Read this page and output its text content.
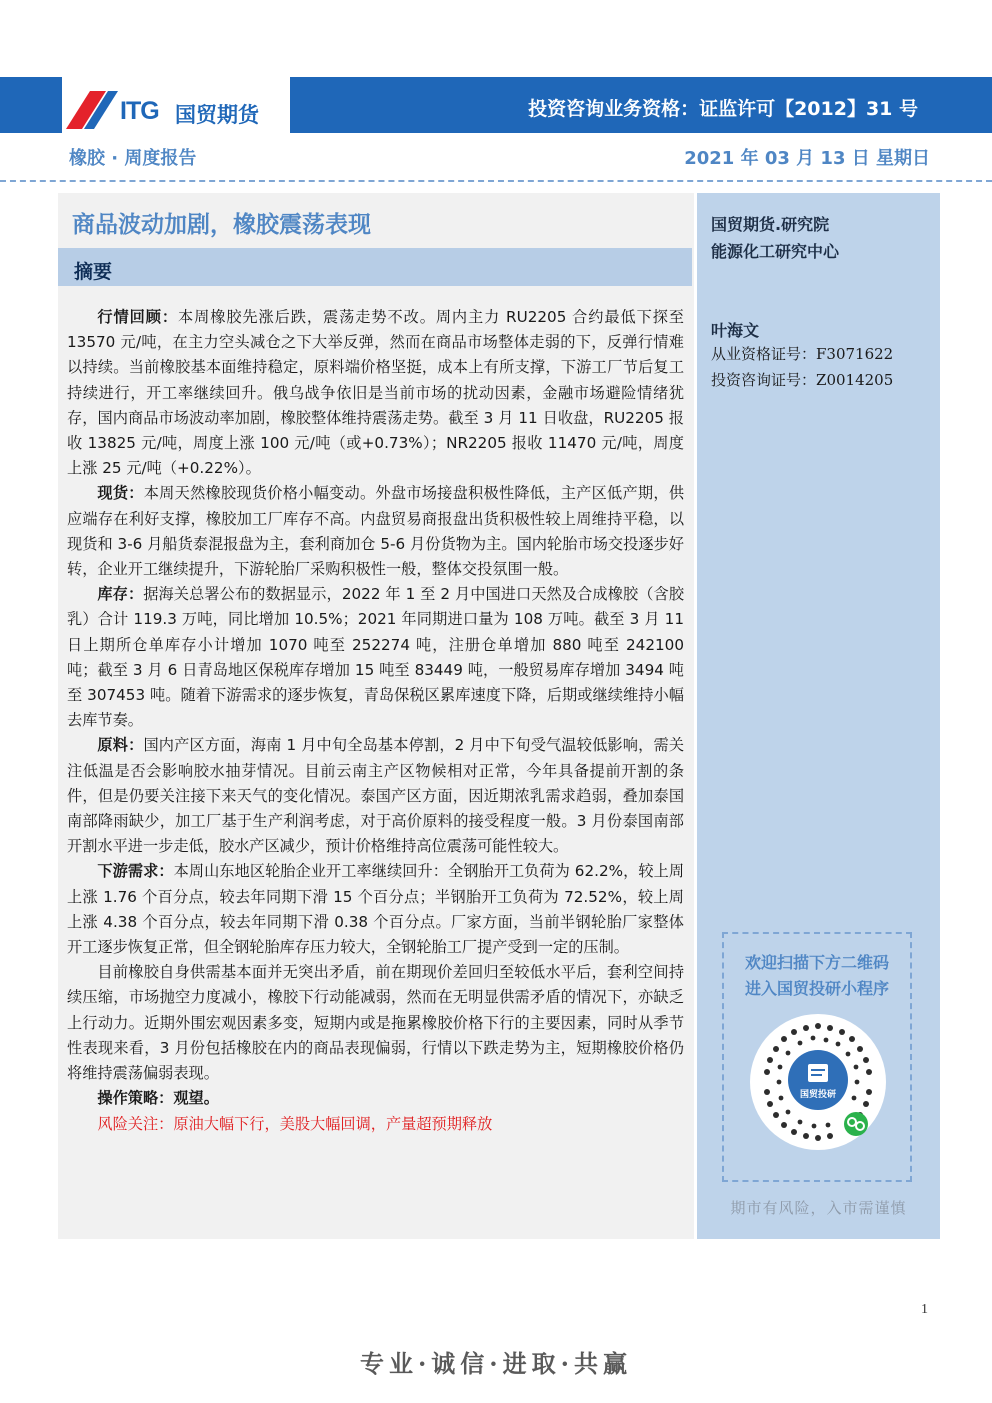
ITG 国贸期货	投资咨询业务资格：证监许可【2012】31 号
橡胶 · 周度报告	2021 年 03 月 13 日 星期日
商品波动加剧，橡胶震荡表现
摘要

行情回顾：本周橡胶先涨后跌，震荡走势不改。周内主力 RU2205 合约最低下探至 13570 元/吨，在主力空头减仓之下大举反弹，然而在商品市场整体走弱的下，反弹行情难以持续。当前橡胶基本面维持稳定，原料端价格坚挺，成本上有所支撑，下游工厂节后复工持续进行，开工率继续回升。俄乌战争依旧是当前市场的扰动因素，金融市场避险情绪犹存，国内商品市场波动率加剧，橡胶整体维持震荡走势。截至 3 月 11 日收盘，RU2205 报收 13825 元/吨，周度上涨 100 元/吨（或+0.73%）；NR2205 报收 11470 元/吨，周度上涨 25 元/吨（+0.22%）。

现货：本周天然橡胶现货价格小幅变动。外盘市场接盘积极性降低，主产区低产期，供应端存在利好支撑，橡胶加工厂库存不高。内盘贸易商报盘出货积极性较上周维持平稳，以现货和 3-6 月船货泰混报盘为主，套利商加仓 5-6 月份货物为主。国内轮胎市场交投逐步好转，企业开工继续提升，下游轮胎厂采购积极性一般，整体交投氛围一般。

库存：据海关总署公布的数据显示，2022 年 1 至 2 月中国进口天然及合成橡胶（含胶乳）合计 119.3 万吨，同比增加 10.5%；2021 年同期进口量为 108 万吨。截至 3 月 11 日上期所仓单库存小计增加 1070 吨至 252274 吨，注册仓单增加 880 吨至 242100 吨；截至 3 月 6 日青岛地区保税库存增加 15 吨至 83449 吨，一般贸易库存增加 3494 吨至 307453 吨。随着下游需求的逐步恢复，青岛保税区累库速度下降，后期或继续维持小幅去库节奏。

原料：国内产区方面，海南 1 月中旬全岛基本停割，2 月中下旬受气温较低影响，需关注低温是否会影响胶水抽芽情况。目前云南主产区物候相对正常，今年具备提前开割的条件，但是仍要关注接下来天气的变化情况。泰国产区方面，因近期浓乳需求趋弱，叠加泰国南部降雨缺少，加工厂基于生产利润考虑，对于高价原料的接受程度一般。3 月份泰国南部开割水平进一步走低，胶水产区减少，预计价格维持高位震荡可能性较大。

下游需求：本周山东地区轮胎企业开工率继续回升：全钢胎开工负荷为 62.2%，较上周上涨 1.76 个百分点，较去年同期下滑 15 个百分点；半钢胎开工负荷为 72.52%，较上周上涨 4.38 个百分点，较去年同期下滑 0.38 个百分点。厂家方面，当前半钢轮胎厂家整体开工逐步恢复正常，但全钢轮胎库存压力较大，全钢轮胎工厂提产受到一定的压制。

目前橡胶自身供需基本面并无突出矛盾，前在期现价差回归至较低水平后，套利空间持续压缩，市场抛空力度减小，橡胶下行动能减弱，然而在无明显供需矛盾的情况下，亦缺乏上行动力。近期外围宏观因素多变，短期内或是拖累橡胶价格下行的主要因素，同时从季节性表现来看，3 月份包括橡胶在内的商品表现偏弱，行情以下跌走势为主，短期橡胶价格仍将维持震荡偏弱表现。

操作策略：观望。

风险关注：原油大幅下行，美股大幅回调，产量超预期释放

国贸期货.研究院
能源化工研究中心
叶海文
从业资格证号：F3071622
投资咨询证号：Z0014205
欢迎扫描下方二维码
进入国贸投研小程序
国贸投研
期市有风险，入市需谨慎
1
专业·诚信·进取·共赢
